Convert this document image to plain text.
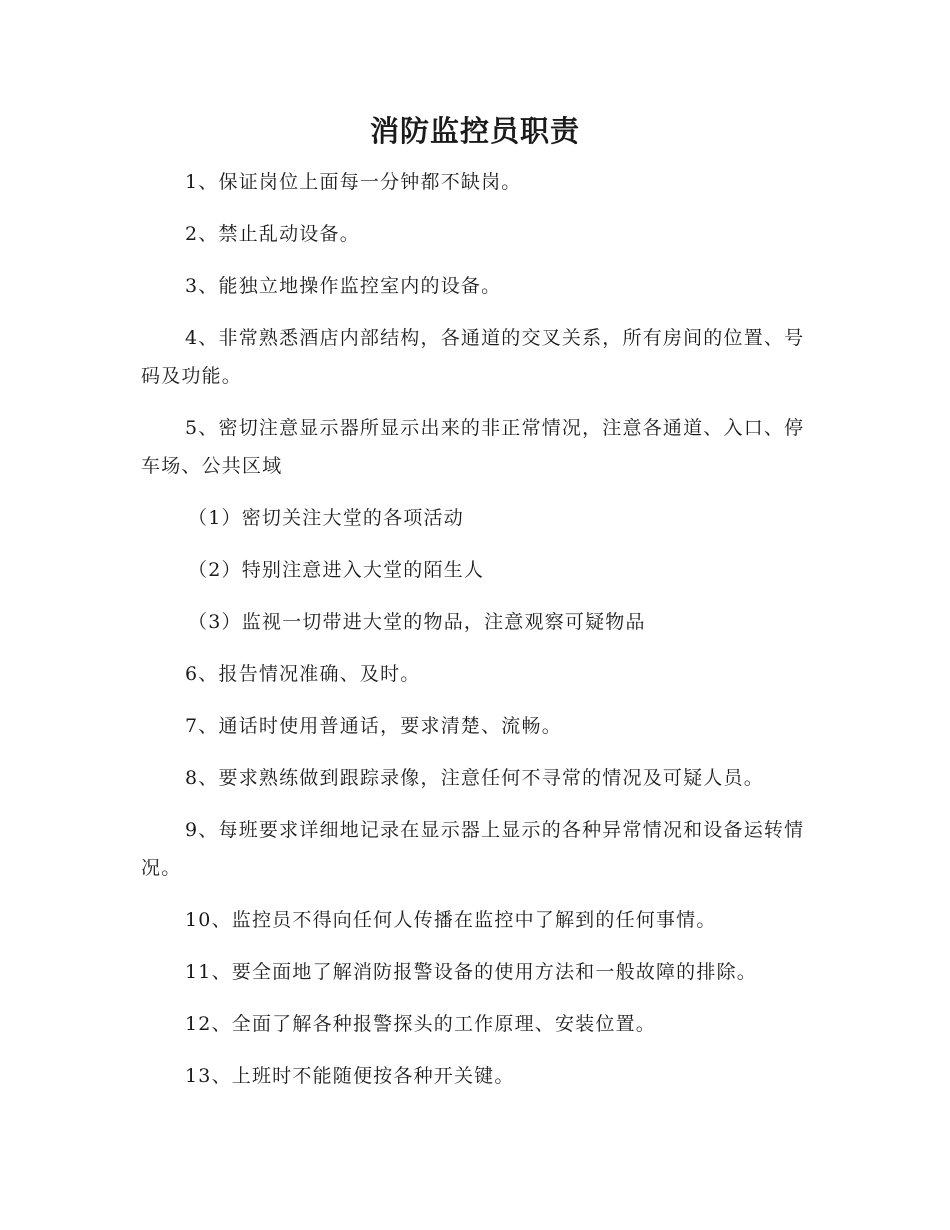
消防监控员职责

1、保证岗位上面每一分钟都不缺岗。

2、禁止乱动设备。

3、能独立地操作监控室内的设备。

4、非常熟悉酒店内部结构，各通道的交叉关系，所有房间的位置、号码及功能。

5、密切注意显示器所显示出来的非正常情况，注意各通道、入口、停车场、公共区域

（1）密切关注大堂的各项活动

（2）特别注意进入大堂的陌生人

（3）监视一切带进大堂的物品，注意观察可疑物品

6、报告情况准确、及时。

7、通话时使用普通话，要求清楚、流畅。

8、要求熟练做到跟踪录像，注意任何不寻常的情况及可疑人员。

9、每班要求详细地记录在显示器上显示的各种异常情况和设备运转情况。

10、监控员不得向任何人传播在监控中了解到的任何事情。

11、要全面地了解消防报警设备的使用方法和一般故障的排除。

12、全面了解各种报警探头的工作原理、安装位置。

13、上班时不能随便按各种开关键。
